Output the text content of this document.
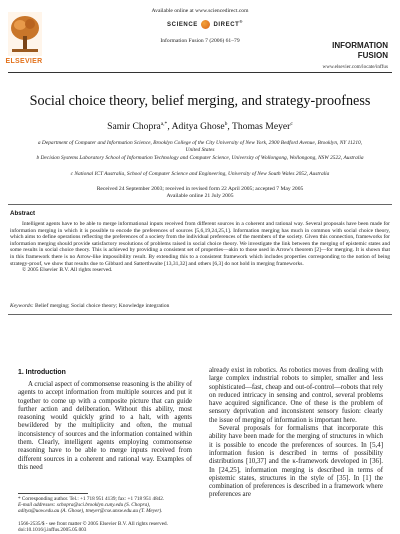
Available online at www.sciencedirect.com
SCIENCE	DIRECT®
Information Fusion 7 (2006) 61–79
ELSEVIER
INFORMATION
FUSION
www.elsevier.com/locate/inffus
Social choice theory, belief merging, and strategy-proofness
Samir Chopra$^{a,*}$, Aditya Ghose$^b$, Thomas Meyer$^c$
a Department of Computer and Information Science, Brooklyn College of the City University of New York, 2900 Bedford Avenue, Brooklyn, NY 11210, United States
b Decision Systems Laboratory School of Information Technology and Computer Science, University of Wollongong, Wollongong, NSW 2522, Australia
c National ICT Australia, School of Computer Science and Engineering, University of New South Wales 2052, Australia
Received 24 September 2003; received in revised form 22 April 2005; accepted 7 May 2005
Available online 21 July 2005
Abstract
Intelligent agents have to be able to merge informational inputs received from different sources in a coherent and rational way. Several proposals have been made for information merging in which it is possible to encode the preferences of sources [5,6,19,24,25,1]. Information merging has much in common with social choice theory, which aims to define operations reflecting the preferences of a society from the individual preferences of the members of the society. Given this connection, frameworks for information merging should provide satisfactory resolutions of problems raised in social choice theory. We investigate the link between the merging of epistemic states and some results in social choice theory. This is achieved by providing a consistent set of properties—akin to those used in Arrow's theorem [2]—for merging. It is shown that in this framework there is no Arrow-like impossibility result. By extending this to a consistent framework which includes properties corresponding to the notion of being strategy-proof, we show that results due to Gibbard and Satterthwaite [13,31,32] and others [6,3] do not hold in merging frameworks.
© 2005 Elsevier B.V. All rights reserved.
Keywords: Belief merging; Social choice theory; Knowledge integration
1. Introduction
A crucial aspect of commonsense reasoning is the ability of agents to accept information from multiple sources and put it together to come up with a composite picture that can guide further action and deliberation. Without this ability, most reasoning would quickly grind to a halt, with agents bewildered by the multiplicity and often, the mutual inconsistency of sources and the information contained within them. Clearly, intelligent agents employing commonsense reasoning have to be able to merge inputs received from different sources in a coherent and rational way. Examples of this need

already exist in robotics. As robotics moves from dealing with large complex industrial robots to simpler, smaller and less sophisticated—fast, cheap and out-of-control—robots that rely on reduced intricacy in sensing and control, several problems have acquired significance. One of these is the problem of sensory deprivation and inconsistent sensory fusion: clearly the issue of merging of information is important here.

Several proposals for formalisms that incorporate this ability have been made for the merging of structures in which it is possible to encode the preferences of sources. In [5,4] information fusion is described in terms of possibility distributions [10,37] and the κ-framework developed in [36]. In [24,25], information merging is described in terms of epistemic states, structures in the style of [35]. In [1] the combination of preferences is described in a framework where preferences are

* Corresponding author. Tel.: +1 718 951 4139; fax: +1 718 951 4842.
E-mail addresses: schopra@sci.brooklyn.cuny.edu (S. Chopra), aditya@uow.edu.au (A. Ghose), tmeyer@cse.unsw.edu.au (T. Meyer).
1566-2535/$ - see front matter © 2005 Elsevier B.V. All rights reserved.
doi:10.1016/j.inffus.2005.05.003
